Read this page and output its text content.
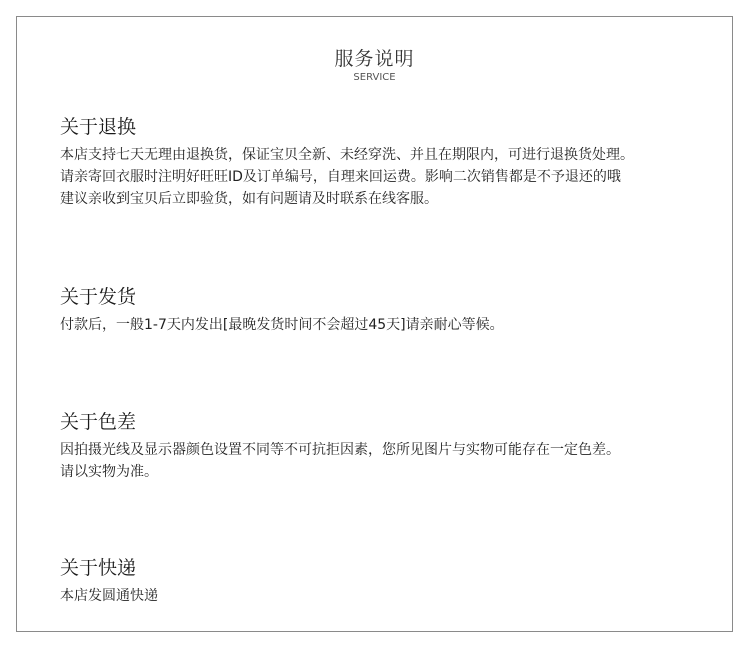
服务说明
SERVICE
关于退换
本店支持七天无理由退换货，保证宝贝全新、未经穿洗、并且在期限内，可进行退换货处理。
请亲寄回衣服时注明好旺旺ID及订单编号，自理来回运费。影响二次销售都是不予退还的哦
建议亲收到宝贝后立即验货，如有问题请及时联系在线客服。
关于发货
付款后，一般1-7天内发出[最晚发货时间不会超过45天]请亲耐心等候。
关于色差
因拍摄光线及显示器颜色设置不同等不可抗拒因素，您所见图片与实物可能存在一定色差。
请以实物为准。
关于快递
本店发圆通快递
